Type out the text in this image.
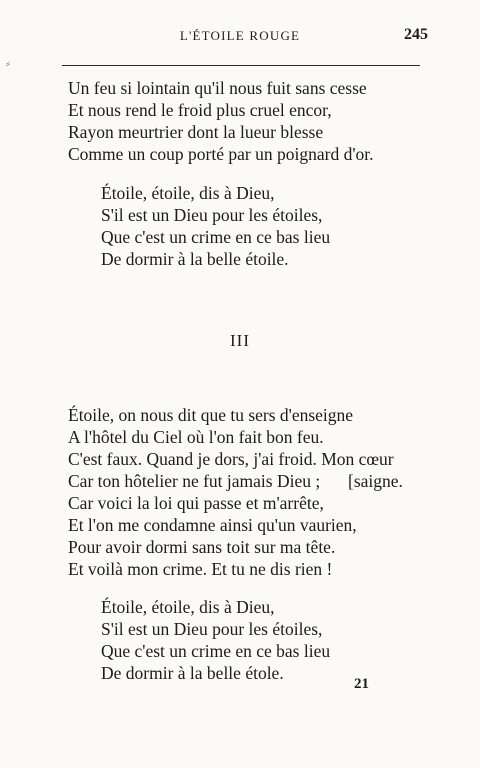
⸗
L'ÉTOILE ROUGE	245
Un feu si lointain qu'il nous fuit sans cesse
Et nous rend le froid plus cruel encor,
Rayon meurtrier dont la lueur blesse
Comme un coup porté par un poignard d'or.
Étoile, étoile, dis à Dieu,
S'il est un Dieu pour les étoiles,
Que c'est un crime en ce bas lieu
De dormir à la belle étoile.
III
Étoile, on nous dit que tu sers d'enseigne
A l'hôtel du Ciel où l'on fait bon feu.
C'est faux. Quand je dors, j'ai froid. Mon cœur
Car ton hôtelier ne fut jamais Dieu ; [saigne.
Car voici la loi qui passe et m'arrête,
Et l'on me condamne ainsi qu'un vaurien,
Pour avoir dormi sans toit sur ma tête.
Et voilà mon crime. Et tu ne dis rien !
Étoile, étoile, dis à Dieu,
S'il est un Dieu pour les étoiles,
Que c'est un crime en ce bas lieu
De dormir à la belle étole.
21
